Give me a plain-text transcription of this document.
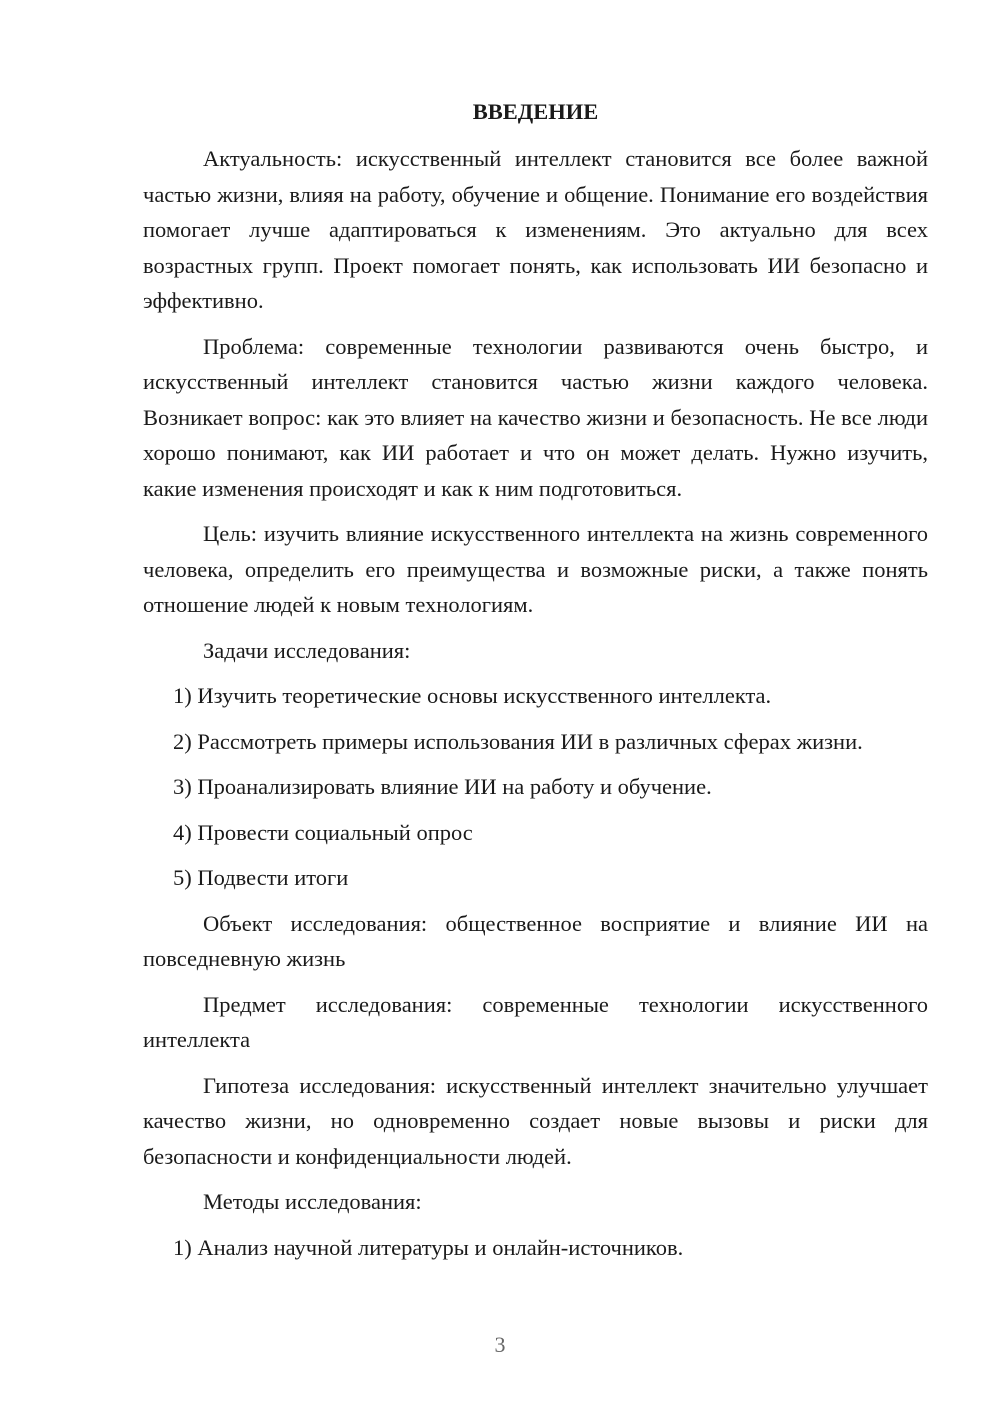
ВВЕДЕНИЕ

Актуальность: искусственный интеллект становится все более важной частью жизни, влияя на работу, обучение и общение. Понимание его воздействия помогает лучше адаптироваться к изменениям. Это актуально для всех возрастных групп. Проект помогает понять, как использовать ИИ безопасно и эффективно.

Проблема: современные технологии развиваются очень быстро, и искусственный интеллект становится частью жизни каждого человека. Возникает вопрос: как это влияет на качество жизни и безопасность. Не все люди хорошо понимают, как ИИ работает и что он может делать. Нужно изучить, какие изменения происходят и как к ним подготовиться.

Цель: изучить влияние искусственного интеллекта на жизнь современного человека, определить его преимущества и возможные риски, а также понять отношение людей к новым технологиям.

Задачи исследования:

1) Изучить теоретические основы искусственного интеллекта.

2) Рассмотреть примеры использования ИИ в различных сферах жизни.

3) Проанализировать влияние ИИ на работу и обучение.

4) Провести социальный опрос

5) Подвести итоги

Объект исследования: общественное восприятие и влияние ИИ на повседневную жизнь

Предмет исследования: современные технологии искусственного интеллекта

Гипотеза исследования: искусственный интеллект значительно улучшает качество жизни, но одновременно создает новые вызовы и риски для безопасности и конфиденциальности людей.

Методы исследования:

1) Анализ научной литературы и онлайн-источников.

3
